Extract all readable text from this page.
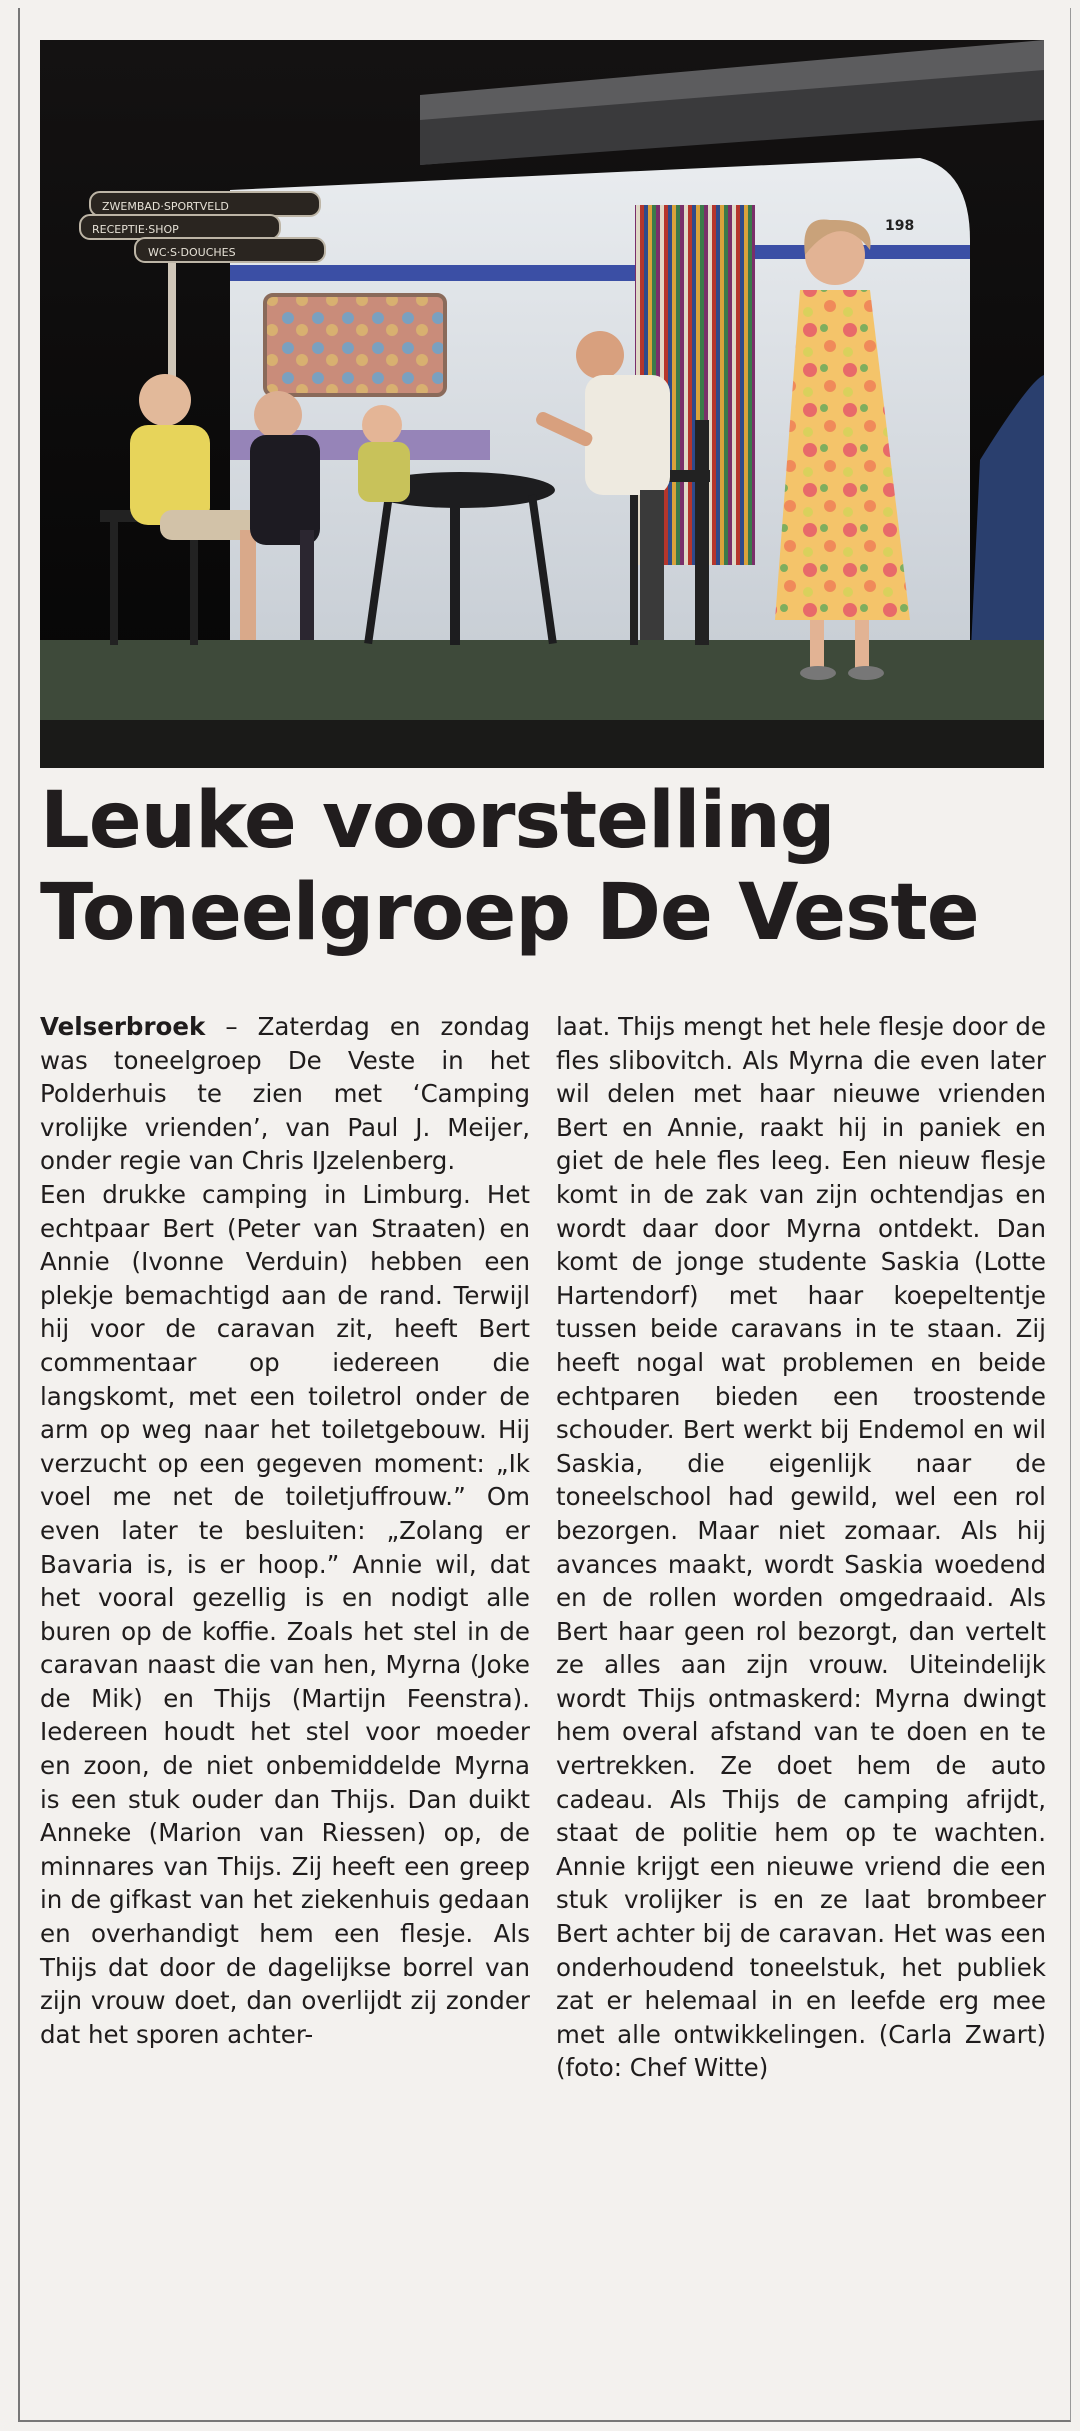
198
ZWEMBAD·SPORTVELD
RECEPTIE·SHOP
WC·S·DOUCHES
Leuke voorstelling
Toneelgroep De Veste

Velserbroek – Zaterdag en zondag was toneelgroep De Veste in het Polderhuis te zien met ‘Camping vrolijke vrienden’, van Paul J. Meijer, onder regie van Chris IJzelenberg.

Een drukke camping in Limburg. Het echtpaar Bert (Peter van Straaten) en Annie (Ivonne Verduin) hebben een plekje bemachtigd aan de rand. Terwijl hij voor de caravan zit, heeft Bert commentaar op iedereen die langskomt, met een toiletrol onder de arm op weg naar het toiletgebouw. Hij verzucht op een gegeven moment: „Ik voel me net de toiletjuffrouw.” Om even later te besluiten: „Zolang er Bavaria is, is er hoop.” Annie wil, dat het vooral gezellig is en nodigt alle buren op de koffie. Zoals het stel in de caravan naast die van hen, Myrna (Joke de Mik) en Thijs (Martijn Feenstra). Iedereen houdt het stel voor moeder en zoon, de niet onbemiddelde Myrna is een stuk ouder dan Thijs. Dan duikt Anneke (Marion van Riessen) op, de minnares van Thijs. Zij heeft een greep in de gifkast van het ziekenhuis gedaan en overhandigt hem een flesje. Als Thijs dat door de dagelijkse borrel van zijn vrouw doet, dan overlijdt zij zonder dat het sporen achter-

laat. Thijs mengt het hele flesje door de fles slibovitch. Als Myrna die even later wil delen met haar nieuwe vrienden Bert en Annie, raakt hij in paniek en giet de hele fles leeg. Een nieuw flesje komt in de zak van zijn ochtendjas en wordt daar door Myrna ontdekt. Dan komt de jonge studente Saskia (Lotte Hartendorf) met haar koepeltentje tussen beide caravans in te staan. Zij heeft nogal wat problemen en beide echtparen bieden een troostende schouder. Bert werkt bij Endemol en wil Saskia, die eigenlijk naar de toneelschool had gewild, wel een rol bezorgen. Maar niet zomaar. Als hij avances maakt, wordt Saskia woedend en de rollen worden omgedraaid. Als Bert haar geen rol bezorgt, dan vertelt ze alles aan zijn vrouw. Uiteindelijk wordt Thijs ontmaskerd: Myrna dwingt hem overal afstand van te doen en te vertrekken. Ze doet hem de auto cadeau. Als Thijs de camping afrijdt, staat de politie hem op te wachten. Annie krijgt een nieuwe vriend die een stuk vrolijker is en ze laat brombeer Bert achter bij de caravan. Het was een onderhoudend toneelstuk, het publiek zat er helemaal in en leefde erg mee met alle ontwikkelingen. (Carla Zwart) (foto: Chef Witte)
